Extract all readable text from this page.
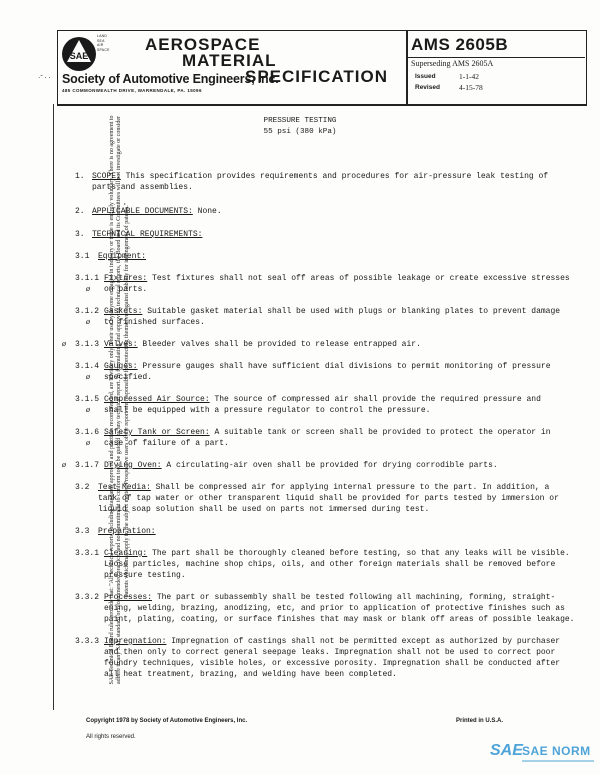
SAE
LAND
SEA
AIR
SPACE	AEROSPACE
MATERIAL
SPECIFICATION
Society of Automotive Engineers, Inc.
485 COMMONWEALTH DRIVE, WARRENDALE, PA. 15096
·ˇ · ·
AMS 2605B
Superseding AMS 2605A
Issued	1-1-42
Revised	4-15-78
SAE Technical Board rules provide that: "All technical reports, including standards approved and practices recommended, are advisory only. Their use by anyone engaged in industry or trade is entirely voluntary. There is no agreement to adhere to any SAE standard or recommended practice, and no commitment to conform to or be guided by any technical report. In formulating and approving technical reports, the Board and its Committees will not investigate or consider patents which may apply to the subject matter. Prospective users of the report are responsible for protecting themselves against liability for infringement of patents."
PRESSURE TESTING
55 psi (380 kPa)
1. SCOPE: This specification provides requirements and procedures for air-pressure leak testing of
parts and assemblies.
2. APPLICABLE DOCUMENTS: None.
3. TECHNICAL REQUIREMENTS:
3.1 Equipment:
3.1.1 Fixtures: Test fixtures shall not seal off areas of possible leakage or create excessive stresses
ø on parts.
3.1.2 Gaskets: Suitable gasket material shall be used with plugs or blanking plates to prevent damage
ø to finished surfaces.
ø 3.1.3 Valves: Bleeder valves shall be provided to release entrapped air.
3.1.4 Gauges: Pressure gauges shall have sufficient dial divisions to permit monitoring of pressure
ø specified.
3.1.5 Compressed Air Source: The source of compressed air shall provide the required pressure and
ø shall be equipped with a pressure regulator to control the pressure.
3.1.6 Safety Tank or Screen: A suitable tank or screen shall be provided to protect the operator in
ø case of failure of a part.
ø 3.1.7 Drying Oven: A circulating-air oven shall be provided for drying corrodible parts.
3.2 Test Media: Shall be compressed air for applying internal pressure to the part. In addition, a
tank of tap water or other transparent liquid shall be provided for parts tested by immersion or
liquid soap solution shall be used on parts not immersed during test.
3.3 Preparation:
3.3.1 Cleaning: The part shall be thoroughly cleaned before testing, so that any leaks will be visible.
Loose particles, machine shop chips, oils, and other foreign materials shall be removed before
pressure testing.
3.3.2 Processes: The part or subassembly shall be tested following all machining, forming, straight-
ening, welding, brazing, anodizing, etc, and prior to application of protective finishes such as
paint, plating, coating, or surface finishes that may mask or blank off areas of possible leakage.
3.3.3 Impregnation: Impregnation of castings shall not be permitted except as authorized by purchaser
and then only to correct general seepage leaks. Impregnation shall not be used to correct poor
foundry techniques, visible holes, or excessive porosity. Impregnation shall be conducted after
all heat treatment, brazing, and welding have been completed.
Copyright 1978 by Society of Automotive Engineers, Inc.
All rights reserved.
Printed in U.S.A.
SAE SAE NORM
